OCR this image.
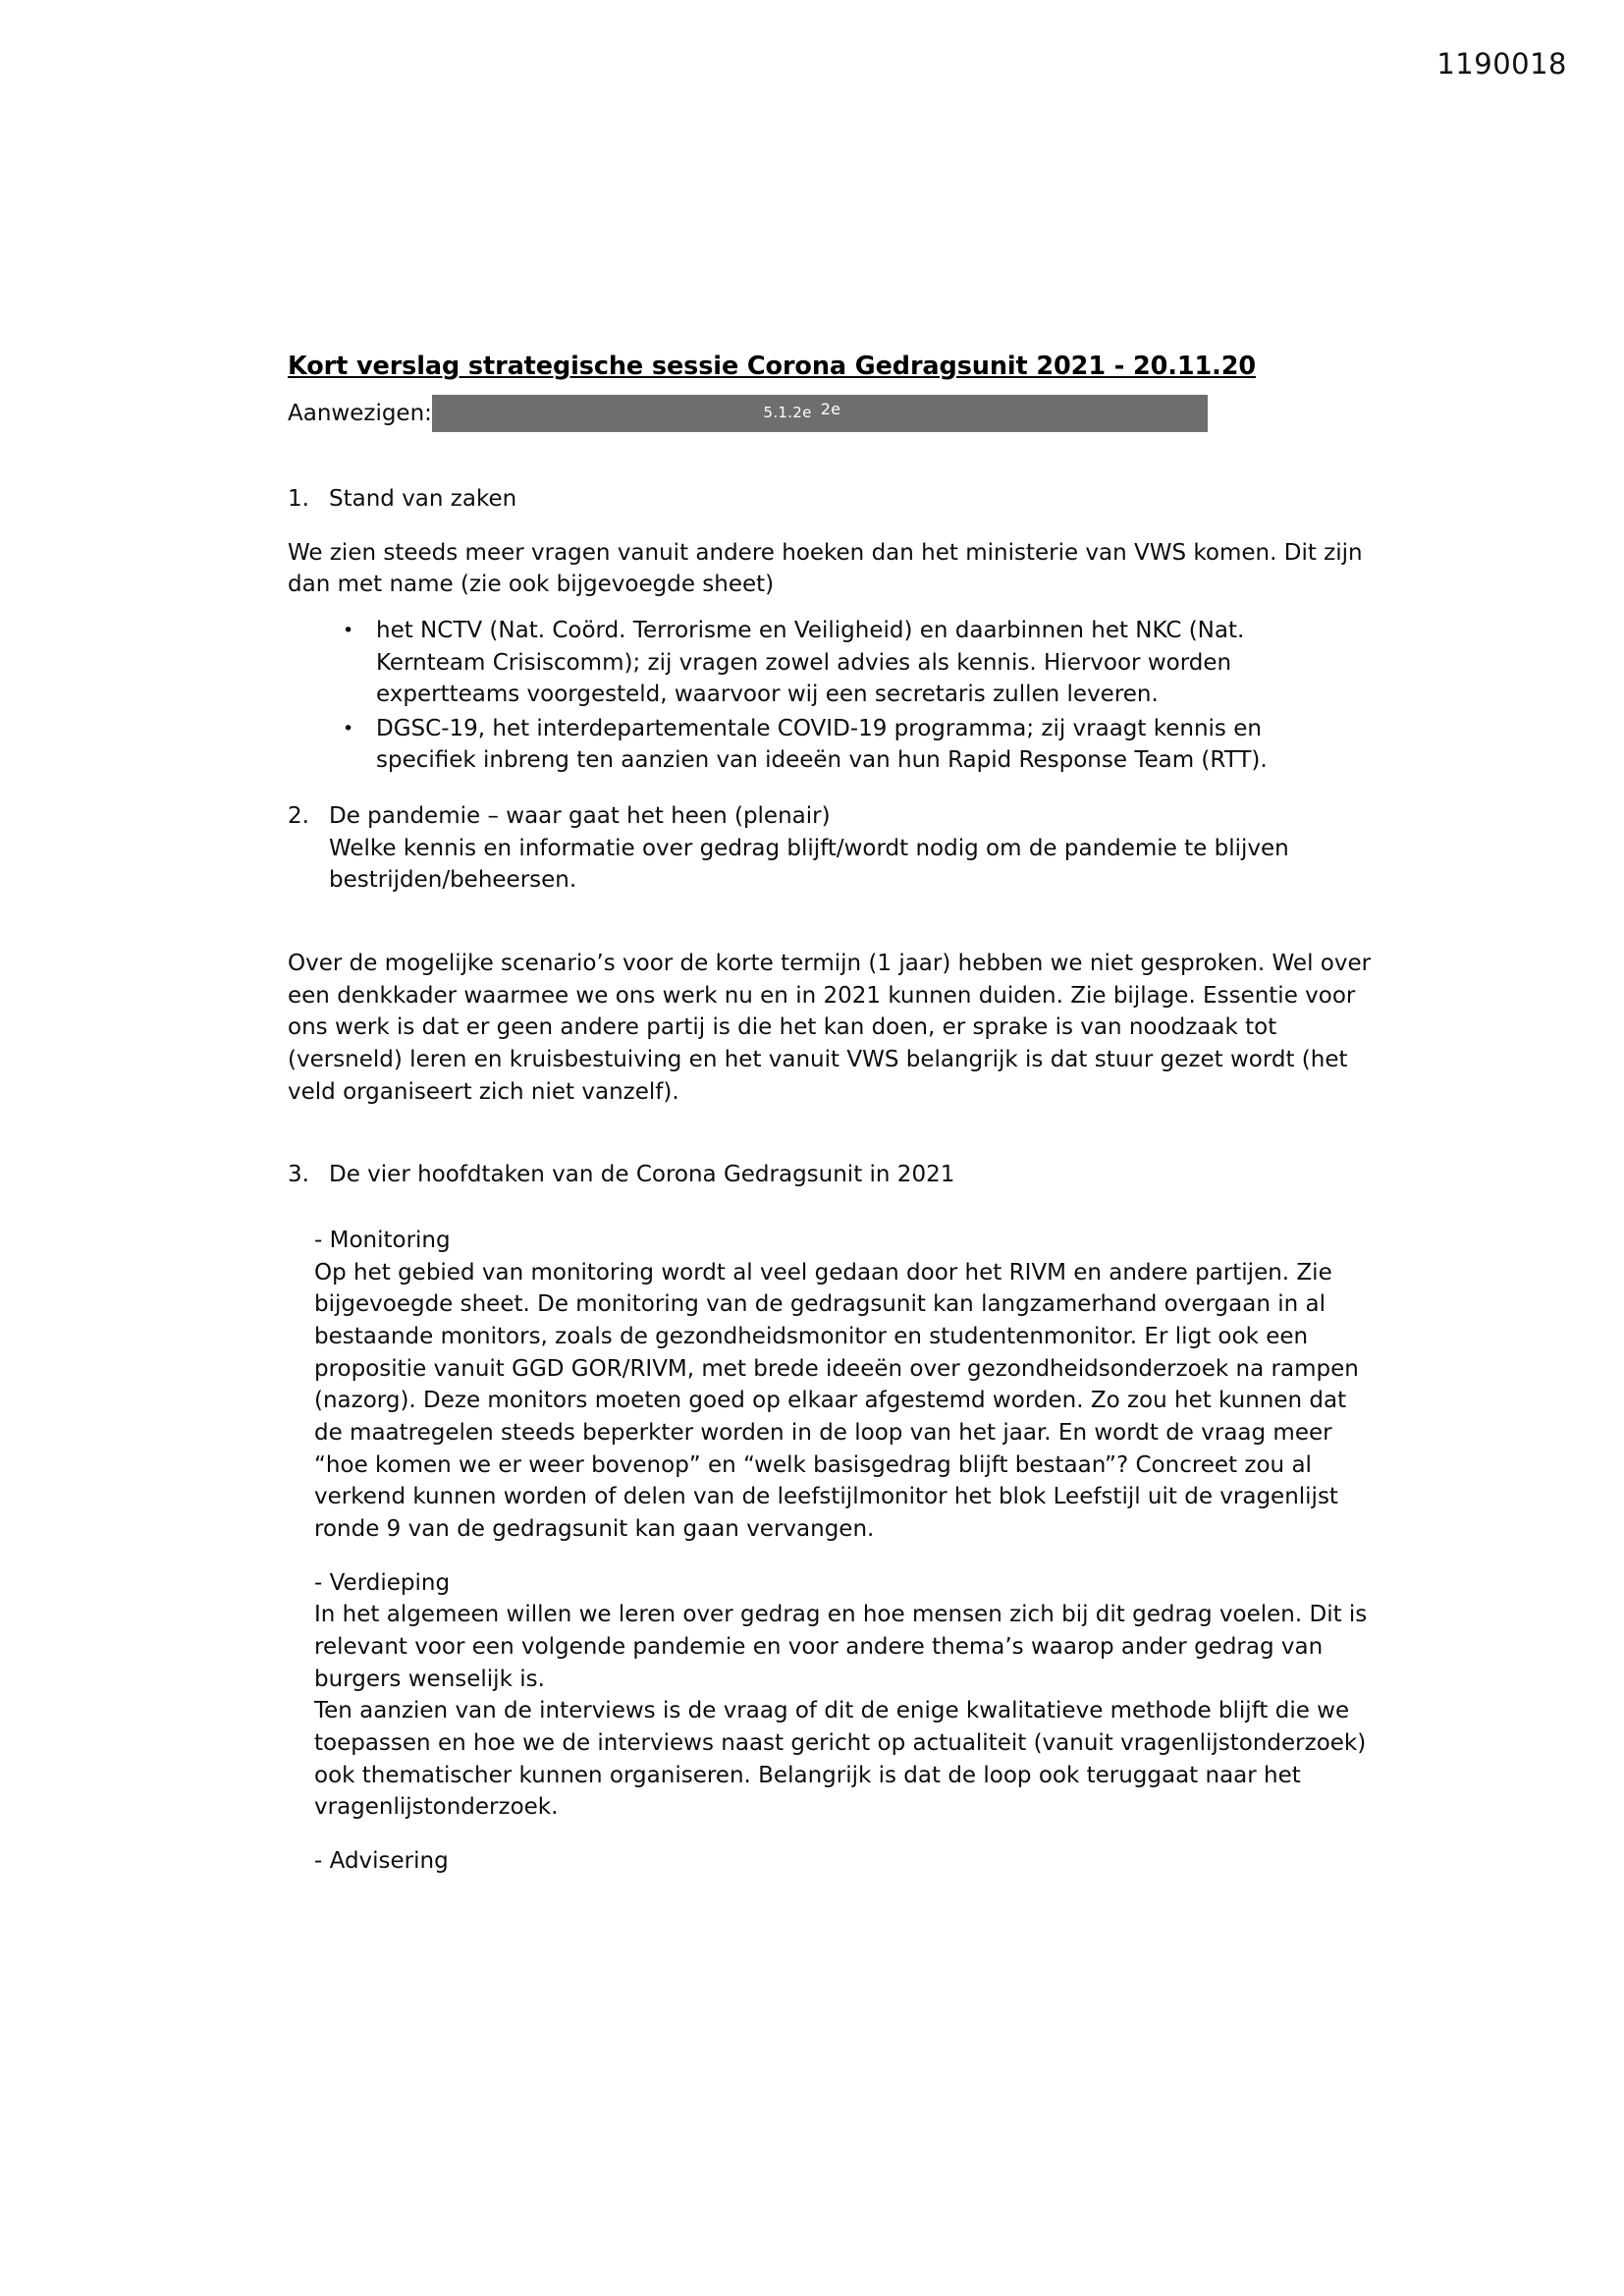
1190018
Kort verslag strategische sessie Corona Gedragsunit 2021 - 20.11.20
Aanwezigen:	5.1.2e 2e
1. Stand van zaken

We zien steeds meer vragen vanuit andere hoeken dan het ministerie van VWS komen. Dit zijn dan met name (zie ook bijgevoegde sheet)

• het NCTV (Nat. Coörd. Terrorisme en Veiligheid) en daarbinnen het NKC (Nat. Kernteam Crisiscomm); zij vragen zowel advies als kennis. Hiervoor worden expertteams voorgesteld, waarvoor wij een secretaris zullen leveren.
• DGSC-19, het interdepartementale COVID-19 programma; zij vraagt kennis en specifiek inbreng ten aanzien van ideeën van hun Rapid Response Team (RTT).
2. De pandemie – waar gaat het heen (plenair)
Welke kennis en informatie over gedrag blijft/wordt nodig om de pandemie te blijven bestrijden/beheersen.

Over de mogelijke scenario’s voor de korte termijn (1 jaar) hebben we niet gesproken. Wel over een denkkader waarmee we ons werk nu en in 2021 kunnen duiden. Zie bijlage. Essentie voor ons werk is dat er geen andere partij is die het kan doen, er sprake is van noodzaak tot (versneld) leren en kruisbestuiving en het vanuit VWS belangrijk is dat stuur gezet wordt (het veld organiseert zich niet vanzelf).

3. De vier hoofdtaken van de Corona Gedragsunit in 2021

- Monitoring

Op het gebied van monitoring wordt al veel gedaan door het RIVM en andere partijen. Zie bijgevoegde sheet. De monitoring van de gedragsunit kan langzamerhand overgaan in al bestaande monitors, zoals de gezondheidsmonitor en studentenmonitor. Er ligt ook een propositie vanuit GGD GOR/RIVM, met brede ideeën over gezondheidsonderzoek na rampen (nazorg). Deze monitors moeten goed op elkaar afgestemd worden. Zo zou het kunnen dat de maatregelen steeds beperkter worden in de loop van het jaar. En wordt de vraag meer “hoe komen we er weer bovenop” en “welk basisgedrag blijft bestaan”? Concreet zou al verkend kunnen worden of delen van de leefstijlmonitor het blok Leefstijl uit de vragenlijst ronde 9 van de gedragsunit kan gaan vervangen.

- Verdieping

In het algemeen willen we leren over gedrag en hoe mensen zich bij dit gedrag voelen. Dit is relevant voor een volgende pandemie en voor andere thema’s waarop ander gedrag van burgers wenselijk is.

Ten aanzien van de interviews is de vraag of dit de enige kwalitatieve methode blijft die we toepassen en hoe we de interviews naast gericht op actualiteit (vanuit vragenlijstonderzoek) ook thematischer kunnen organiseren. Belangrijk is dat de loop ook teruggaat naar het vragenlijstonderzoek.

- Advisering
